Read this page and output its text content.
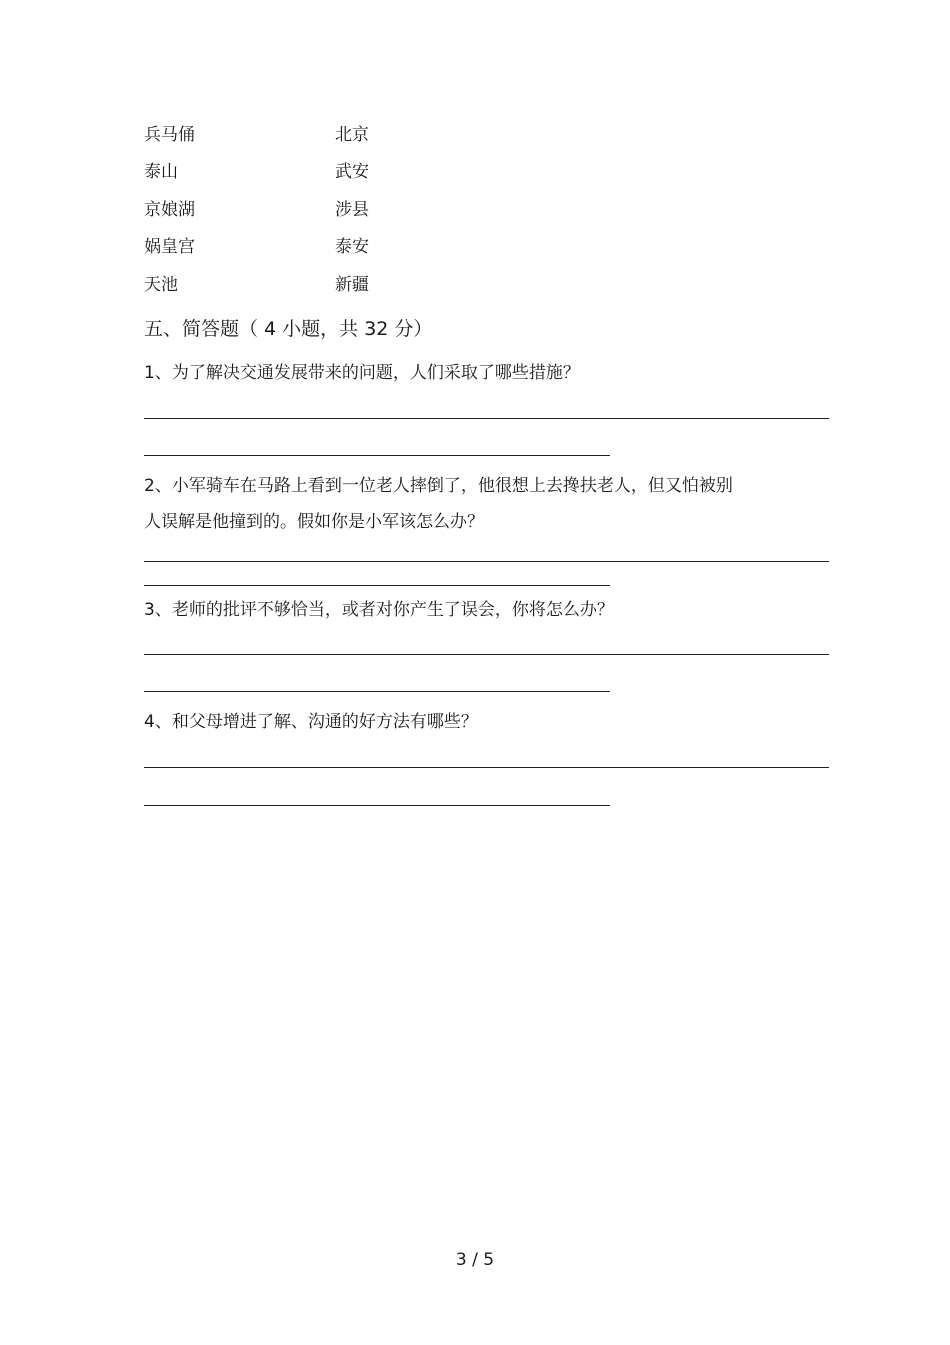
兵马俑	北京
泰山	武安
京娘湖	涉县
娲皇宫	泰安
天池	新疆
五、简答题（ 4 小题，共 32 分）
1、为了解决交通发展带来的问题，人们采取了哪些措施？
2、小军骑车在马路上看到一位老人摔倒了，他很想上去搀扶老人，但又怕被别
人误解是他撞到的。假如你是小军该怎么办？
3、老师的批评不够恰当，或者对你产生了误会，你将怎么办？
4、和父母增进了解、沟通的好方法有哪些？
3 / 5
